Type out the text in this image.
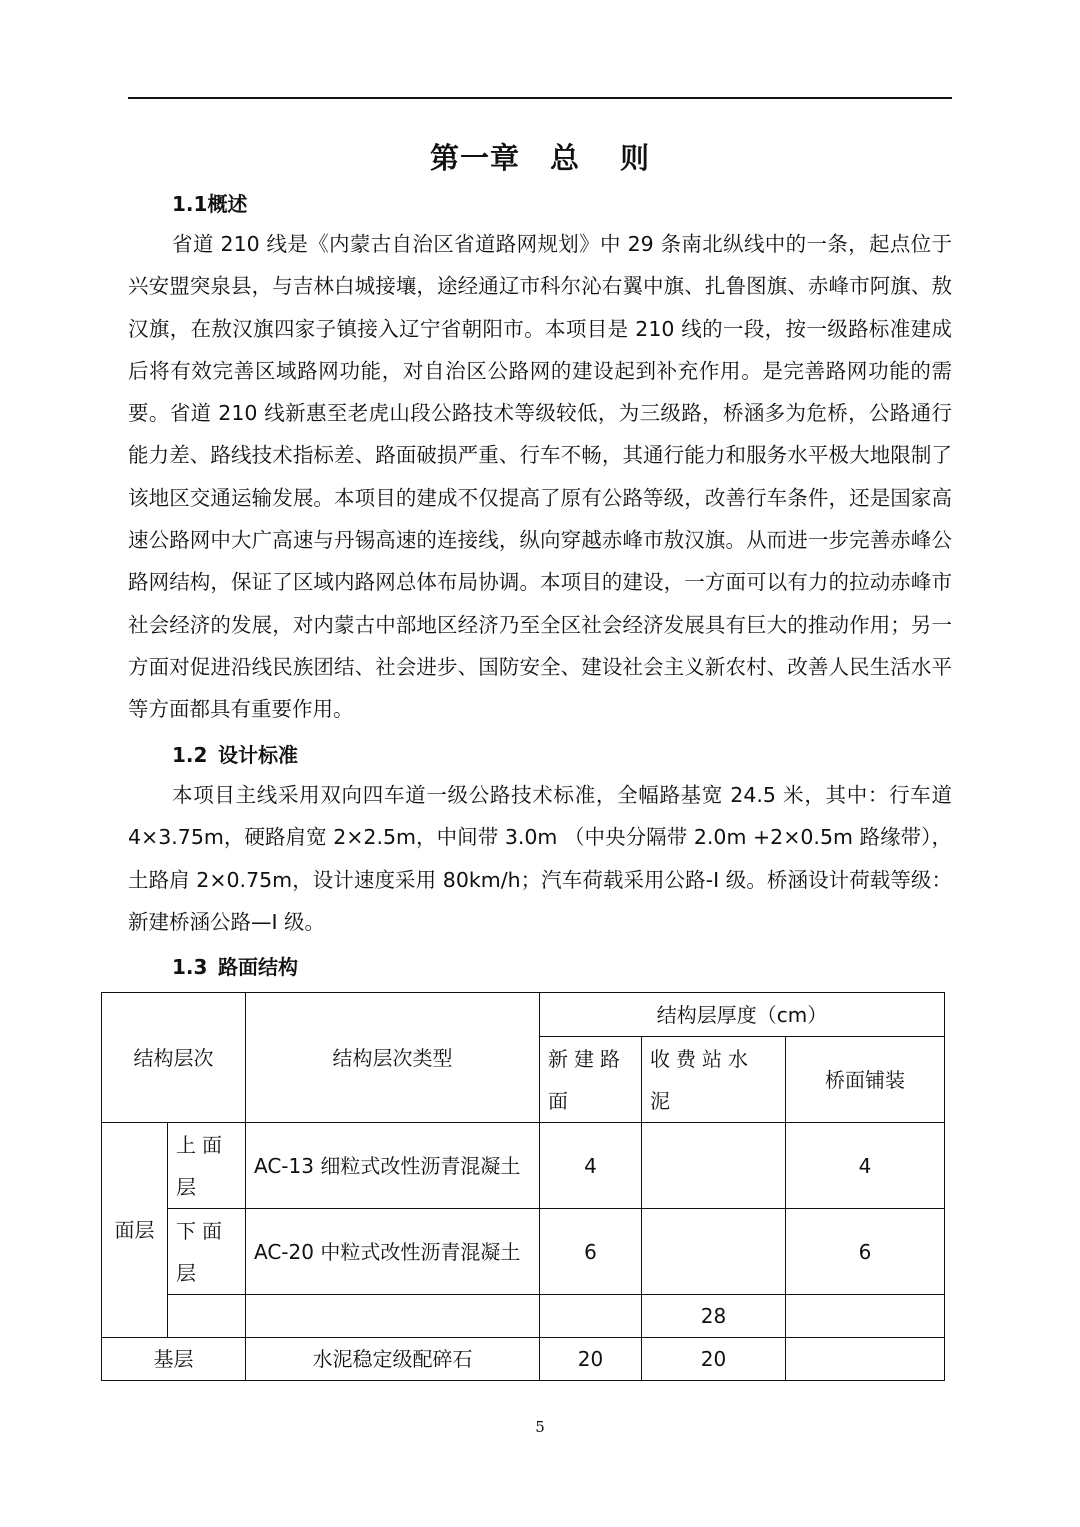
第一章 总 则
1.1概述

省道 210 线是《内蒙古自治区省道路网规划》中 29 条南北纵线中的一条，起点位于兴安盟突泉县，与吉林白城接壤，途经通辽市科尔沁右翼中旗、扎鲁图旗、赤峰市阿旗、敖汉旗，在敖汉旗四家子镇接入辽宁省朝阳市。本项目是 210 线的一段，按一级路标准建成后将有效完善区域路网功能，对自治区公路网的建设起到补充作用。是完善路网功能的需要。省道 210 线新惠至老虎山段公路技术等级较低，为三级路，桥涵多为危桥，公路通行能力差、路线技术指标差、路面破损严重、行车不畅，其通行能力和服务水平极大地限制了该地区交通运输发展。本项目的建成不仅提高了原有公路等级，改善行车条件，还是国家高速公路网中大广高速与丹锡高速的连接线，纵向穿越赤峰市敖汉旗。从而进一步完善赤峰公路网结构，保证了区域内路网总体布局协调。本项目的建设，一方面可以有力的拉动赤峰市社会经济的发展，对内蒙古中部地区经济乃至全区社会经济发展具有巨大的推动作用；另一方面对促进沿线民族团结、社会进步、国防安全、建设社会主义新农村、改善人民生活水平等方面都具有重要作用。

1.2 设计标准

本项目主线采用双向四车道一级公路技术标准，全幅路基宽 24.5 米，其中：行车道 4×3.75m，硬路肩宽 2×2.5m，中间带 3.0m （中央分隔带 2.0m +2×0.5m 路缘带），土路肩 2×0.75m，设计速度采用 80km/h；汽车荷载采用公路-I 级。桥涵设计荷载等级：新建桥涵公路—I 级。

1.3 路面结构
结构层次		结构层次类型	结构层厚度（cm）		
			新建路面	收费站水泥	桥面铺装
面层	上面层	AC-13 细粒式改性沥青混凝土	4		4
	下面层	AC-20 中粒式改性沥青混凝土	6		6
				28	
基层		水泥稳定级配碎石	20	20	
5
